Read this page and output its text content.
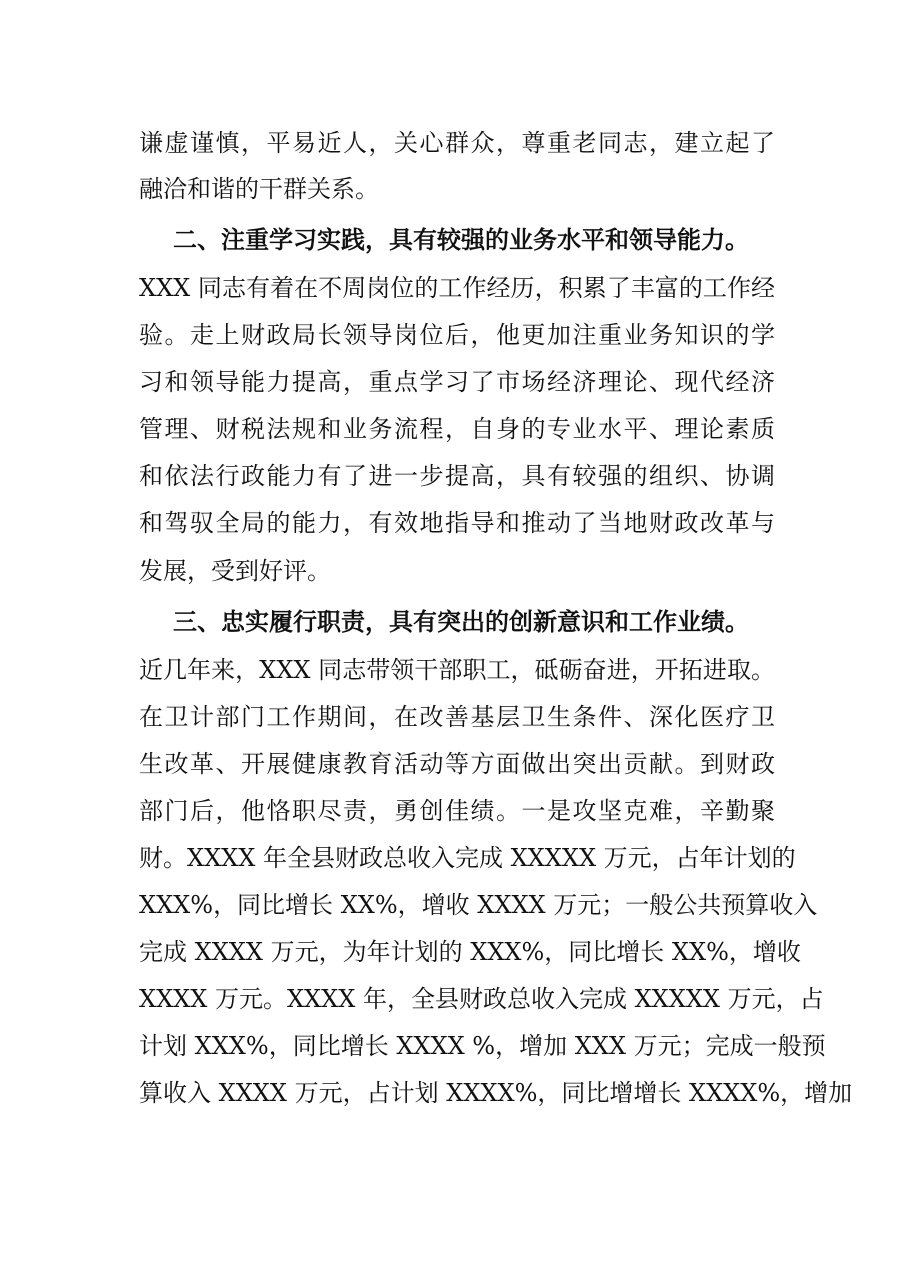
谦虚谨慎，平易近人，关心群众，尊重老同志，建立起了
融洽和谐的干群关系。
二、注重学习实践，具有较强的业务水平和领导能力。
XXX 同志有着在不周岗位的工作经历，积累了丰富的工作经
验。走上财政局长领导岗位后，他更加注重业务知识的学
习和领导能力提高，重点学习了市场经济理论、现代经济
管理、财税法规和业务流程，自身的专业水平、理论素质
和依法行政能力有了进一步提高，具有较强的组织、协调
和驾驭全局的能力，有效地指导和推动了当地财政改革与
发展，受到好评。
三、忠实履行职责，具有突出的创新意识和工作业绩。
近几年来，XXX 同志带领干部职工，砥砺奋进，开拓进取。
在卫计部门工作期间，在改善基层卫生条件、深化医疗卫
生改革、开展健康教育活动等方面做出突出贡献。到财政
部门后，他恪职尽责，勇创佳绩。一是攻坚克难，辛勤聚
财。XXXX 年全县财政总收入完成 XXXXX 万元，占年计划的
XXX%，同比增长 XX%，增收 XXXX 万元；一般公共预算收入
完成 XXXX 万元，为年计划的 XXX%，同比增长 XX%，增收
XXXX 万元。XXXX 年，全县财政总收入完成 XXXXX 万元，占
计划 XXX%，同比增长 XXXX %，增加 XXX 万元；完成一般预
算收入 XXXX 万元，占计划 XXXX%，同比增增长 XXXX%，增加
